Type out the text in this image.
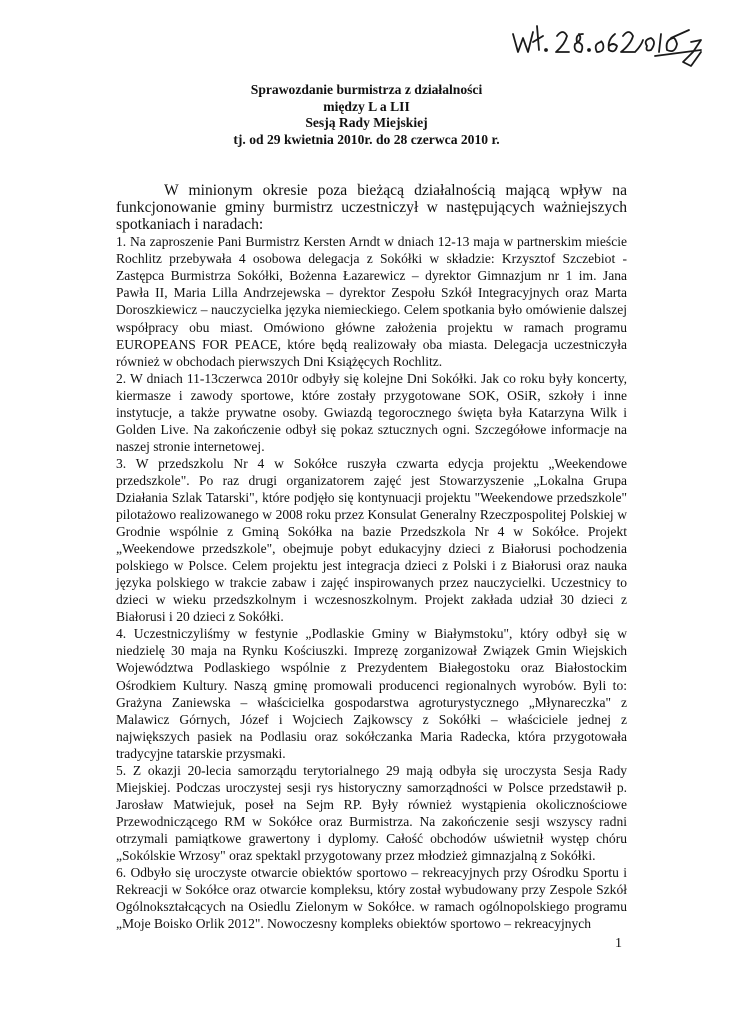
Sprawozdanie burmistrza z działalności
między L a LII
Sesją Rady Miejskiej
tj. od 29 kwietnia 2010r. do 28 czerwca 2010 r.

W minionym okresie poza bieżącą działalnością mającą wpływ na funkcjonowanie gminy burmistrz uczestniczył w następujących ważniejszych spotkaniach i naradach:

1. Na zaproszenie Pani Burmistrz Kersten Arndt w dniach 12-13 maja w partnerskim mieście Rochlitz przebywała 4 osobowa delegacja z Sokółki w składzie: Krzysztof Szczebiot - Zastępca Burmistrza Sokółki, Bożenna Łazarewicz – dyrektor Gimnazjum nr 1 im. Jana Pawła II, Maria Lilla Andrzejewska – dyrektor Zespołu Szkół Integracyjnych oraz Marta Doroszkiewicz – nauczycielka języka niemieckiego. Celem spotkania było omówienie dalszej współpracy obu miast. Omówiono główne założenia projektu w ramach programu EUROPEANS FOR PEACE, które będą realizowały oba miasta. Delegacja uczestniczyła również w obchodach pierwszych Dni Książęcych Rochlitz.

2. W dniach 11-13czerwca 2010r odbyły się kolejne Dni Sokółki. Jak co roku były koncerty, kiermasze i zawody sportowe, które zostały przygotowane SOK, OSiR, szkoły i inne instytucje, a także prywatne osoby. Gwiazdą tegorocznego święta była Katarzyna Wilk i Golden Live. Na zakończenie odbył się pokaz sztucznych ogni. Szczegółowe informacje na naszej stronie internetowej.

3. W przedszkolu Nr 4 w Sokółce ruszyła czwarta edycja projektu „Weekendowe przedszkole". Po raz drugi organizatorem zajęć jest Stowarzyszenie „Lokalna Grupa Działania Szlak Tatarski", które podjęło się kontynuacji projektu "Weekendowe przedszkole" pilotażowo realizowanego w 2008 roku przez Konsulat Generalny Rzeczpospolitej Polskiej w Grodnie wspólnie z Gminą Sokółka na bazie Przedszkola Nr 4 w Sokółce. Projekt „Weekendowe przedszkole", obejmuje pobyt edukacyjny dzieci z Białorusi pochodzenia polskiego w Polsce. Celem projektu jest integracja dzieci z Polski i z Białorusi oraz nauka języka polskiego w trakcie zabaw i zajęć inspirowanych przez nauczycielki. Uczestnicy to dzieci w wieku przedszkolnym i wczesnoszkolnym. Projekt zakłada udział 30 dzieci z Białorusi i 20 dzieci z Sokółki.

4. Uczestniczyliśmy w festynie „Podlaskie Gminy w Białymstoku", który odbył się w niedzielę 30 maja na Rynku Kościuszki. Imprezę zorganizował Związek Gmin Wiejskich Województwa Podlaskiego wspólnie z Prezydentem Białegostoku oraz Białostockim Ośrodkiem Kultury. Naszą gminę promowali producenci regionalnych wyrobów. Byli to: Grażyna Zaniewska – właścicielka gospodarstwa agroturystycznego „Młynareczka" z Malawicz Górnych, Józef i Wojciech Zajkowscy z Sokółki – właściciele jednej z największych pasiek na Podlasiu oraz sokółczanka Maria Radecka, która przygotowała tradycyjne tatarskie przysmaki.

5. Z okazji 20-lecia samorządu terytorialnego 29 mają odbyła się uroczysta Sesja Rady Miejskiej. Podczas uroczystej sesji rys historyczny samorządności w Polsce przedstawił p. Jarosław Matwiejuk, poseł na Sejm RP. Były również wystąpienia okolicznościowe Przewodniczącego RM w Sokółce oraz Burmistrza. Na zakończenie sesji wszyscy radni otrzymali pamiątkowe grawertony i dyplomy. Całość obchodów uświetnił występ chóru „Sokólskie Wrzosy" oraz spektakl przygotowany przez młodzież gimnazjalną z Sokółki.

6. Odbyło się uroczyste otwarcie obiektów sportowo – rekreacyjnych przy Ośrodku Sportu i Rekreacji w Sokółce oraz otwarcie kompleksu, który został wybudowany przy Zespole Szkół Ogólnokształcących na Osiedlu Zielonym w Sokółce. w ramach ogólnopolskiego programu „Moje Boisko Orlik 2012". Nowoczesny kompleks obiektów sportowo – rekreacyjnych

1
